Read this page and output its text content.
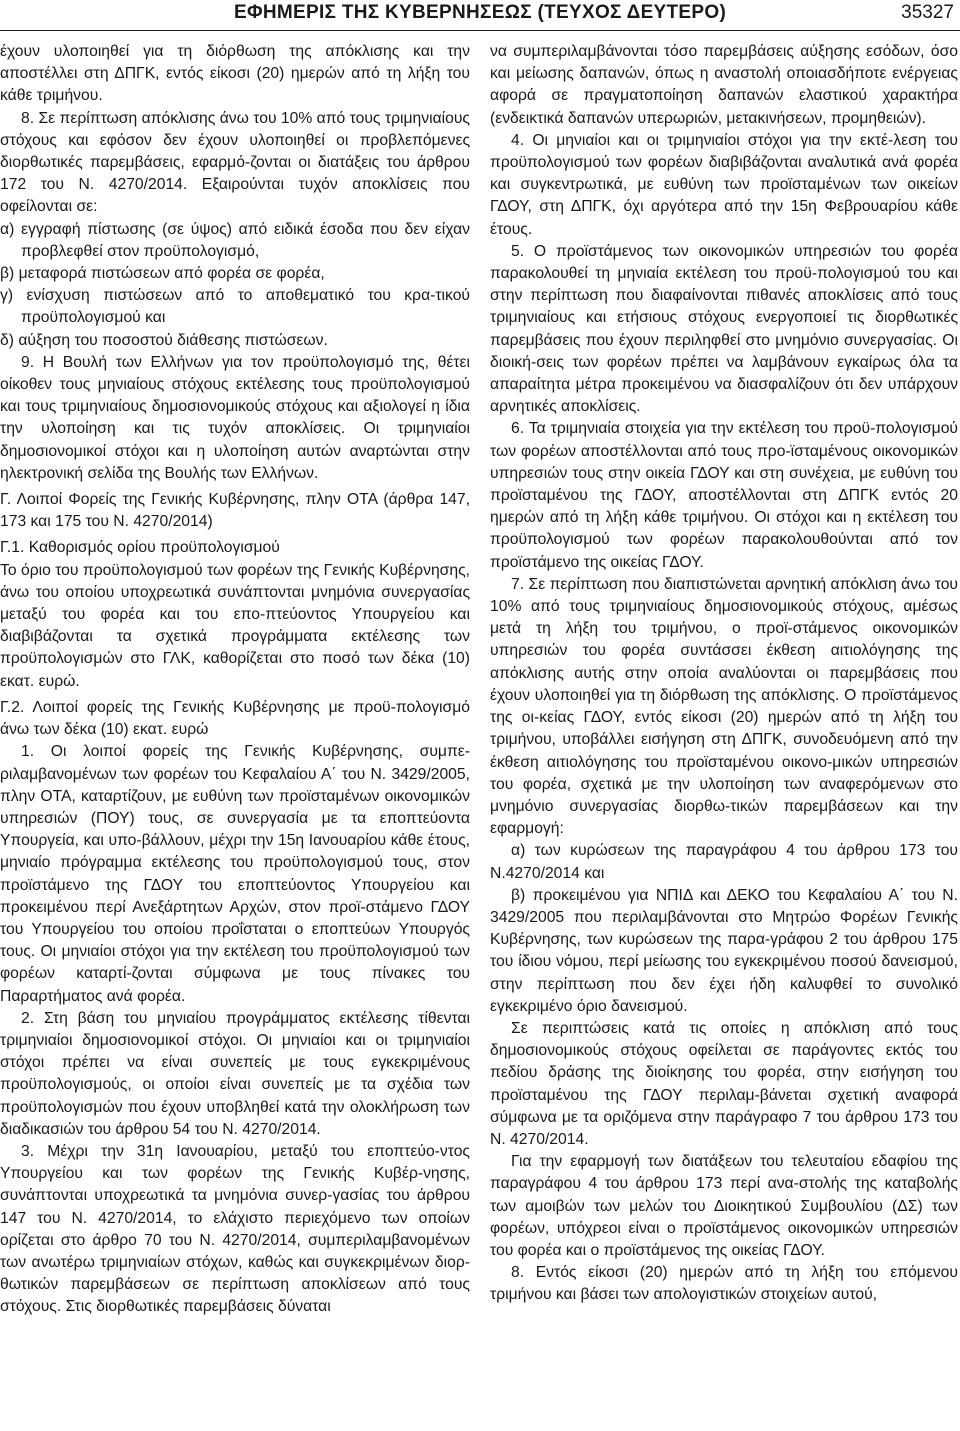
ΕΦΗΜΕΡΙΣ ΤΗΣ ΚΥΒΕΡΝΗΣΕΩΣ (ΤΕΥΧΟΣ ΔΕΥΤΕΡΟ)	35327

έχουν υλοποιηθεί για τη διόρθωση της απόκλισης και την αποστέλλει στη ΔΠΓΚ, εντός είκοσι (20) ημερών από τη λήξη του κάθε τριμήνου.

8. Σε περίπτωση απόκλισης άνω του 10% από τους τριμηνιαίους στόχους και εφόσον δεν έχουν υλοποιηθεί οι προβλεπόμενες διορθωτικές παρεμβάσεις, εφαρμό-ζονται οι διατάξεις του άρθρου 172 του Ν. 4270/2014. Εξαιρούνται τυχόν αποκλίσεις που οφείλονται σε:

α) εγγραφή πίστωσης (σε ύψος) από ειδικά έσοδα που δεν είχαν προβλεφθεί στον προϋπολογισμό,

β) μεταφορά πιστώσεων από φορέα σε φορέα,

γ) ενίσχυση πιστώσεων από το αποθεματικό του κρα-τικού προϋπολογισμού και

δ) αύξηση του ποσοστού διάθεσης πιστώσεων.

9. Η Βουλή των Ελλήνων για τον προϋπολογισμό της, θέτει οίκοθεν τους μηνιαίους στόχους εκτέλεσης τους προϋπολογισμού και τους τριμηνιαίους δημοσιονομικούς στόχους και αξιολογεί η ίδια την υλοποίηση και τις τυχόν αποκλίσεις. Οι τριμηνιαίοι δημοσιονομικοί στόχοι και η υλοποίηση αυτών αναρτώνται στην ηλεκτρονική σελίδα της Βουλής των Ελλήνων.

Γ. Λοιποί Φορείς της Γενικής Κυβέρνησης, πλην ΟΤΑ (άρθρα 147, 173 και 175 του Ν. 4270/2014)

Γ.1. Καθορισμός ορίου προϋπολογισμού

Το όριο του προϋπολογισμού των φορέων της Γενικής Κυβέρνησης, άνω του οποίου υποχρεωτικά συνάπτονται μνημόνια συνεργασίας μεταξύ του φορέα και του επο-πτεύοντος Υπουργείου και διαβιβάζονται τα σχετικά προγράμματα εκτέλεσης των προϋπολογισμών στο ΓΛΚ, καθορίζεται στο ποσό των δέκα (10) εκατ. ευρώ.

Γ.2. Λοιποί φορείς της Γενικής Κυβέρνησης με προϋ-πολογισμό άνω των δέκα (10) εκατ. ευρώ

1. Οι λοιποί φορείς της Γενικής Κυβέρνησης, συμπε-ριλαμβανομένων των φορέων του Κεφαλαίου Α΄ του Ν. 3429/2005, πλην ΟΤΑ, καταρτίζουν, με ευθύνη των προϊσταμένων οικονομικών υπηρεσιών (ΠΟΥ) τους, σε συνεργασία με τα εποπτεύοντα Υπουργεία, και υπο-βάλλουν, μέχρι την 15η Ιανουαρίου κάθε έτους, μηνιαίο πρόγραμμα εκτέλεσης του προϋπολογισμού τους, στον προϊστάμενο της ΓΔΟΥ του εποπτεύοντος Υπουργείου και προκειμένου περί Ανεξάρτητων Αρχών, στον προϊ-στάμενο ΓΔΟΥ του Υπουργείου του οποίου προΐσταται ο εποπτεύων Υπουργός τους. Οι μηνιαίοι στόχοι για την εκτέλεση του προϋπολογισμού των φορέων καταρτί-ζονται σύμφωνα με τους πίνακες του Παραρτήματος ανά φορέα.

2. Στη βάση του μηνιαίου προγράμματος εκτέλεσης τίθενται τριμηνιαίοι δημοσιονομικοί στόχοι. Οι μηνιαίοι και οι τριμηνιαίοι στόχοι πρέπει να είναι συνεπείς με τους εγκεκριμένους προϋπολογισμούς, οι οποίοι είναι συνεπείς με τα σχέδια των προϋπολογισμών που έχουν υποβληθεί κατά την ολοκλήρωση των διαδικασιών του άρθρου 54 του Ν. 4270/2014.

3. Μέχρι την 31η Ιανουαρίου, μεταξύ του εποπτεύο-ντος Υπουργείου και των φορέων της Γενικής Κυβέρ-νησης, συνάπτονται υποχρεωτικά τα μνημόνια συνερ-γασίας του άρθρου 147 του Ν. 4270/2014, το ελάχιστο περιεχόμενο των οποίων ορίζεται στο άρθρο 70 του Ν. 4270/2014, συμπεριλαμβανομένων των ανωτέρω τριμηνιαίων στόχων, καθώς και συγκεκριμένων διορ-θωτικών παρεμβάσεων σε περίπτωση αποκλίσεων από τους στόχους. Στις διορθωτικές παρεμβάσεις δύναται

να συμπεριλαμβάνονται τόσο παρεμβάσεις αύξησης εσόδων, όσο και μείωσης δαπανών, όπως η αναστολή οποιασδήποτε ενέργειας αφορά σε πραγματοποίηση δαπανών ελαστικού χαρακτήρα (ενδεικτικά δαπανών υπερωριών, μετακινήσεων, προμηθειών).

4. Οι μηνιαίοι και οι τριμηνιαίοι στόχοι για την εκτέ-λεση του προϋπολογισμού των φορέων διαβιβάζονται αναλυτικά ανά φορέα και συγκεντρωτικά, με ευθύνη των προϊσταμένων των οικείων ΓΔΟΥ, στη ΔΠΓΚ, όχι αργότερα από την 15η Φεβρουαρίου κάθε έτους.

5. Ο προϊστάμενος των οικονομικών υπηρεσιών του φορέα παρακολουθεί τη μηνιαία εκτέλεση του προϋ-πολογισμού του και στην περίπτωση που διαφαίνονται πιθανές αποκλίσεις από τους τριμηνιαίους και ετήσιους στόχους ενεργοποιεί τις διορθωτικές παρεμβάσεις που έχουν περιληφθεί στο μνημόνιο συνεργασίας. Οι διοική-σεις των φορέων πρέπει να λαμβάνουν εγκαίρως όλα τα απαραίτητα μέτρα προκειμένου να διασφαλίζουν ότι δεν υπάρχουν αρνητικές αποκλίσεις.

6. Τα τριμηνιαία στοιχεία για την εκτέλεση του προϋ-πολογισμού των φορέων αποστέλλονται από τους προ-ϊσταμένους οικονομικών υπηρεσιών τους στην οικεία ΓΔΟΥ και στη συνέχεια, με ευθύνη του προϊσταμένου της ΓΔΟΥ, αποστέλλονται στη ΔΠΓΚ εντός 20 ημερών από τη λήξη κάθε τριμήνου. Οι στόχοι και η εκτέλεση του προϋπολογισμού των φορέων παρακολουθούνται από τον προϊστάμενο της οικείας ΓΔΟΥ.

7. Σε περίπτωση που διαπιστώνεται αρνητική απόκλιση άνω του 10% από τους τριμηνιαίους δημοσιονομικούς στόχους, αμέσως μετά τη λήξη του τριμήνου, ο προϊ-στάμενος οικονομικών υπηρεσιών του φορέα συντάσσει έκθεση αιτιολόγησης της απόκλισης αυτής στην οποία αναλύονται οι παρεμβάσεις που έχουν υλοποιηθεί για τη διόρθωση της απόκλισης. Ο προϊστάμενος της οι-κείας ΓΔΟΥ, εντός είκοσι (20) ημερών από τη λήξη του τριμήνου, υποβάλλει εισήγηση στη ΔΠΓΚ, συνοδευόμενη από την έκθεση αιτιολόγησης του προϊσταμένου οικονο-μικών υπηρεσιών του φορέα, σχετικά με την υλοποίηση των αναφερόμενων στο μνημόνιο συνεργασίας διορθω-τικών παρεμβάσεων και την εφαρμογή:

α) των κυρώσεων της παραγράφου 4 του άρθρου 173 του Ν.4270/2014 και

β) προκειμένου για ΝΠΙΔ και ΔΕΚΟ του Κεφαλαίου Α΄ του Ν. 3429/2005 που περιλαμβάνονται στο Μητρώο Φορέων Γενικής Κυβέρνησης, των κυρώσεων της παρα-γράφου 2 του άρθρου 175 του ίδιου νόμου, περί μείωσης του εγκεκριμένου ποσού δανεισμού, στην περίπτωση που δεν έχει ήδη καλυφθεί το συνολικό εγκεκριμένο όριο δανεισμού.

Σε περιπτώσεις κατά τις οποίες η απόκλιση από τους δημοσιονομικούς στόχους οφείλεται σε παράγοντες εκτός του πεδίου δράσης της διοίκησης του φορέα, στην εισήγηση του προϊσταμένου της ΓΔΟΥ περιλαμ-βάνεται σχετική αναφορά σύμφωνα με τα οριζόμενα στην παράγραφο 7 του άρθρου 173 του Ν. 4270/2014.

Για την εφαρμογή των διατάξεων του τελευταίου εδαφίου της παραγράφου 4 του άρθρου 173 περί ανα-στολής της καταβολής των αμοιβών των μελών του Διοικητικού Συμβουλίου (ΔΣ) των φορέων, υπόχρεοι είναι ο προϊστάμενος οικονομικών υπηρεσιών του φορέα και ο προϊστάμενος της οικείας ΓΔΟΥ.

8. Εντός είκοσι (20) ημερών από τη λήξη του επόμενου τριμήνου και βάσει των απολογιστικών στοιχείων αυτού,
